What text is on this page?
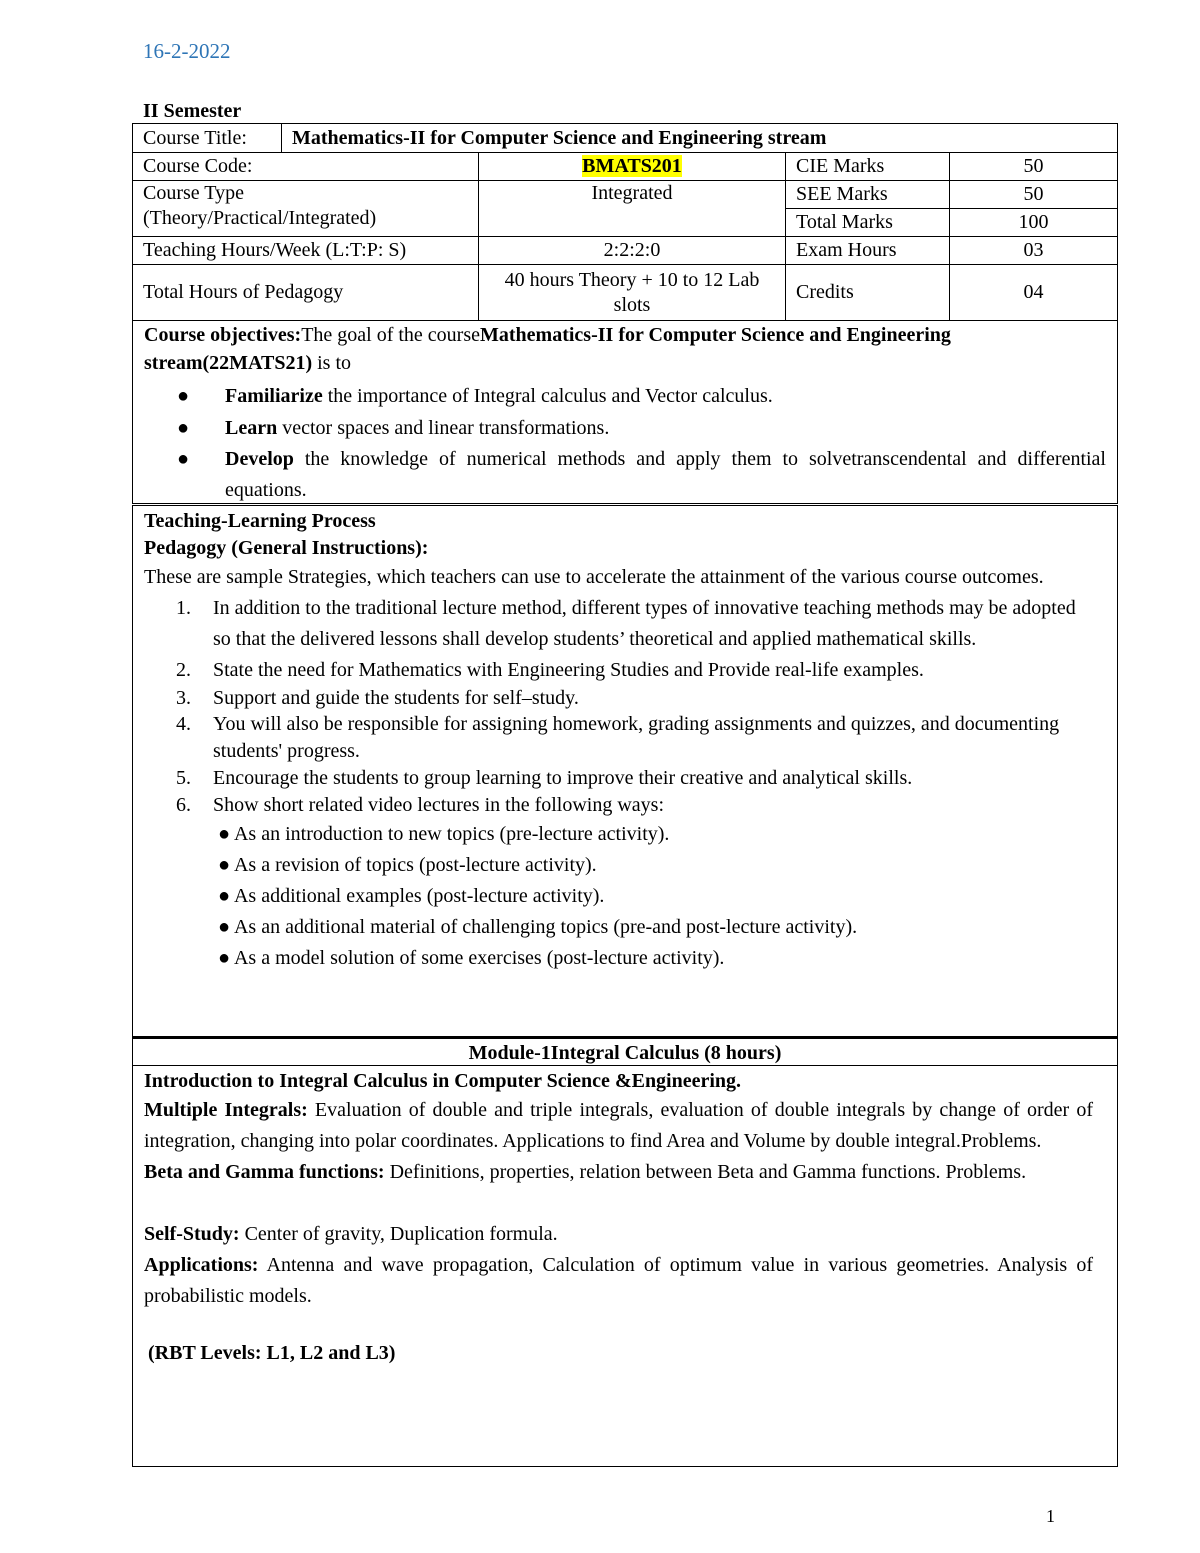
16-2-2022
II Semester
Course Title:	Mathematics-II for Computer Science and Engineering stream
Course Code:	BMATS201	CIE Marks	50

Course Type
(Theory/Practical/Integrated)	Integrated	SEE Marks	50
		Total Marks	100
Teaching Hours/Week (L:T:P: S)	2:2:2:0	Exam Hours	03
Total Hours of Pedagogy	40 hours Theory + 10 to 12 Lab slots	Credits	04
Course objectives:The goal of the courseMathematics-II for Computer Science and Engineering stream(22MATS21) is to
● Familiarize the importance of Integral calculus and Vector calculus.
● Learn vector spaces and linear transformations.
● Develop the knowledge of numerical methods and apply them to solvetranscendental and differential equations.
Teaching-Learning Process
Pedagogy (General Instructions):
These are sample Strategies, which teachers can use to accelerate the attainment of the various course outcomes.
1. In addition to the traditional lecture method, different types of innovative teaching methods may be adopted so that the delivered lessons shall develop students’ theoretical and applied mathematical skills.
2. State the need for Mathematics with Engineering Studies and Provide real-life examples.
3. Support and guide the students for self–study.
4. You will also be responsible for assigning homework, grading assignments and quizzes, and documenting students' progress.
5. Encourage the students to group learning to improve their creative and analytical skills.
6. Show short related video lectures in the following ways:
● As an introduction to new topics (pre-lecture activity).
● As a revision of topics (post-lecture activity).
● As additional examples (post-lecture activity).
● As an additional material of challenging topics (pre-and post-lecture activity).
● As a model solution of some exercises (post-lecture activity).
Module-1Integral Calculus (8 hours)
Introduction to Integral Calculus in Computer Science &Engineering.
Multiple Integrals: Evaluation of double and triple integrals, evaluation of double integrals by change of order of integration, changing into polar coordinates. Applications to find Area and Volume by double integral.Problems.
Beta and Gamma functions: Definitions, properties, relation between Beta and Gamma functions. Problems.
Self-Study: Center of gravity, Duplication formula.
Applications: Antenna and wave propagation, Calculation of optimum value in various geometries. Analysis of probabilistic models.
(RBT Levels: L1, L2 and L3)
1
